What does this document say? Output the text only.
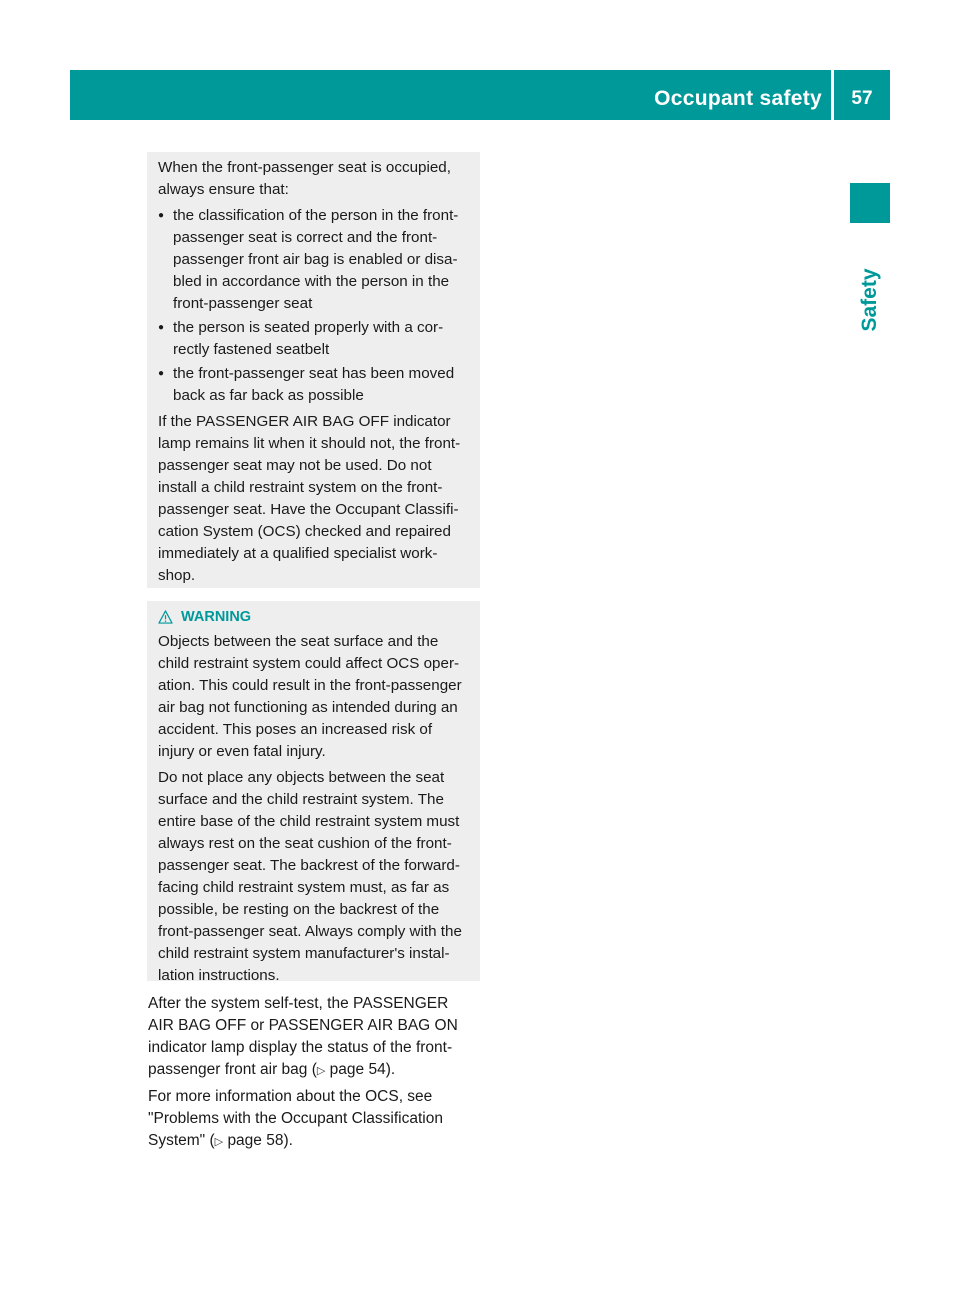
Occupant safety	57
Safety

When the front-passenger seat is occupied,
always ensure that:

● the classification of the person in the front-
passenger seat is correct and the front-
passenger front air bag is enabled or disa-
bled in accordance with the person in the
front-passenger seat
● the person is seated properly with a cor-
rectly fastened seatbelt
● the front-passenger seat has been moved
back as far back as possible

If the PASSENGER AIR BAG OFF indicator
lamp remains lit when it should not, the front-
passenger seat may not be used. Do not
install a child restraint system on the front-
passenger seat. Have the Occupant Classifi-
cation System (OCS) checked and repaired
immediately at a qualified specialist work-
shop.

WARNING

Objects between the seat surface and the
child restraint system could affect OCS oper-
ation. This could result in the front-passenger
air bag not functioning as intended during an
accident. This poses an increased risk of
injury or even fatal injury.

Do not place any objects between the seat
surface and the child restraint system. The
entire base of the child restraint system must
always rest on the seat cushion of the front-
passenger seat. The backrest of the forward-
facing child restraint system must, as far as
possible, be resting on the backrest of the
front-passenger seat. Always comply with the
child restraint system manufacturer's instal-
lation instructions.

After the system self-test, the PASSENGER
AIR BAG OFF or PASSENGER AIR BAG ON
indicator lamp display the status of the front-
passenger front air bag (▷ page 54).

For more information about the OCS, see
"Problems with the Occupant Classification
System" (▷ page 58).
